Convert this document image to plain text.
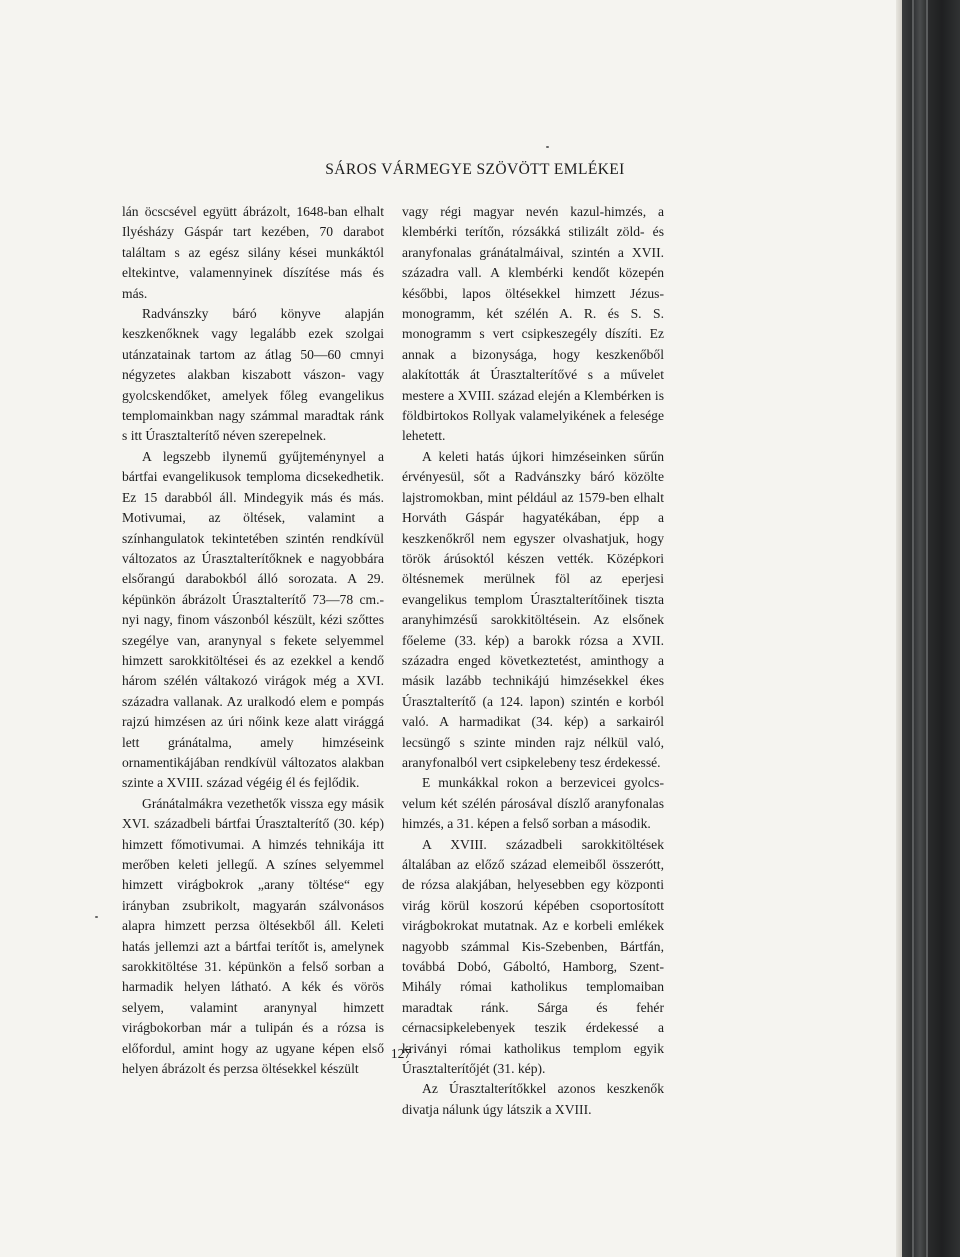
SÁROS VÁRMEGYE SZÖVÖTT EMLÉKEI

lán öcscsével együtt ábrázolt, 1648-ban elhalt Ilyésházy Gáspár tart kezében, 70 darabot találtam s az egész silány kései munkáktól eltekintve, valamennyinek díszítése más és más.

Radvánszky báró könyve alapján keszkenőknek vagy legalább ezek szolgai utánzatainak tartom az átlag 50—60 cmnyi négyzetes alakban kiszabott vászon- vagy gyolcskendőket, amelyek főleg evangelikus templomainkban nagy számmal maradtak ránk s itt Úrasztalterítő néven szerepelnek.

A legszebb ilynemű gyűjteménynyel a bártfai evangelikusok temploma dicsekedhetik. Ez 15 darabból áll. Mindegyik más és más. Motivumai, az öltések, valamint a színhangulatok tekintetében szintén rendkívül változatos az Úrasztalterítőknek e nagyobbára elsőrangú darabokból álló sorozata. A 29. képünkön ábrázolt Úrasztalterítő 73—78 cm.-nyi nagy, finom vászonból készült, kézi szőttes szegélye van, aranynyal s fekete selyemmel himzett sarokkitöltései és az ezekkel a kendő három szélén váltakozó virágok még a XVI. századra vallanak. Az uralkodó elem e pompás rajzú himzésen az úri nőink keze alatt virággá lett gránátalma, amely himzéseink ornamentikájában rendkívül változatos alakban szinte a XVIII. század végéig él és fejlődik.

Gránátalmákra vezethetők vissza egy másik XVI. századbeli bártfai Úrasztalterítő (30. kép) himzett főmotivumai. A himzés tehnikája itt merőben keleti jellegű. A színes selyemmel himzett virágbokrok „arany töltése“ egy irányban zsubrikolt, magyarán szálvonásos alapra himzett perzsa öltésekből áll. Keleti hatás jellemzi azt a bártfai terítőt is, amelynek sarokkitöltése 31. képünkön a felső sorban a harmadik helyen látható. A kék és vörös selyem, valamint aranynyal himzett virágbokorban már a tulipán és a rózsa is előfordul, amint hogy az ugyane képen első helyen ábrázolt és perzsa öltésekkel készült

vagy régi magyar nevén kazul-himzés, a klembérki terítőn, rózsákká stilizált zöld- és aranyfonalas gránátalmáival, szintén a XVII. századra vall. A klembérki kendőt közepén későbbi, lapos öltésekkel himzett Jézus-monogramm, két szélén A. R. és S. S. monogramm s vert csipkeszegély díszíti. Ez annak a bizonysága, hogy keszkenőből alakították át Úrasztalterítővé s a művelet mestere a XVIII. század elején a Klembérken is földbirtokos Rollyak valamelyikének a felesége lehetett.

A keleti hatás újkori himzéseinken sűrűn érvényesül, sőt a Radvánszky báró közölte lajstromokban, mint például az 1579-ben elhalt Horváth Gáspár hagyatékában, épp a keszkenőkről nem egyszer olvashatjuk, hogy török árúsoktól készen vették. Középkori öltésnemek merülnek föl az eperjesi evangelikus templom Úrasztalterítőinek tiszta aranyhimzésű sarokkitöltésein. Az elsőnek főeleme (33. kép) a barokk rózsa a XVII. századra enged következtetést, aminthogy a másik lazább technikájú himzésekkel ékes Úrasztalterítő (a 124. lapon) szintén e korból való. A harmadikat (34. kép) a sarkairól lecsüngő s szinte minden rajz nélkül való, aranyfonalból vert csipkelebeny tesz érdekessé.

E munkákkal rokon a berzevicei gyolcs-velum két szélén párosával díszlő aranyfonalas himzés, a 31. képen a felső sorban a második.

A XVIII. századbeli sarokkitöltések általában az előző század elemeiből összerótt, de rózsa alakjában, helyesebben egy központi virág körül koszorú képében csoportosított virágbokrokat mutatnak. Az e korbeli emlékek nagyobb számmal Kis-Szebenben, Bártfán, továbbá Dobó, Gáboltó, Hamborg, Szent-Mihály római katholikus templomaiban maradtak ránk. Sárga és fehér cérnacsipkelebenyek teszik érdekessé a kriványi római katholikus templom egyik Úrasztalterítőjét (31. kép).

Az Úrasztalterítőkkel azonos keszkenők divatja nálunk úgy látszik a XVIII.

127
